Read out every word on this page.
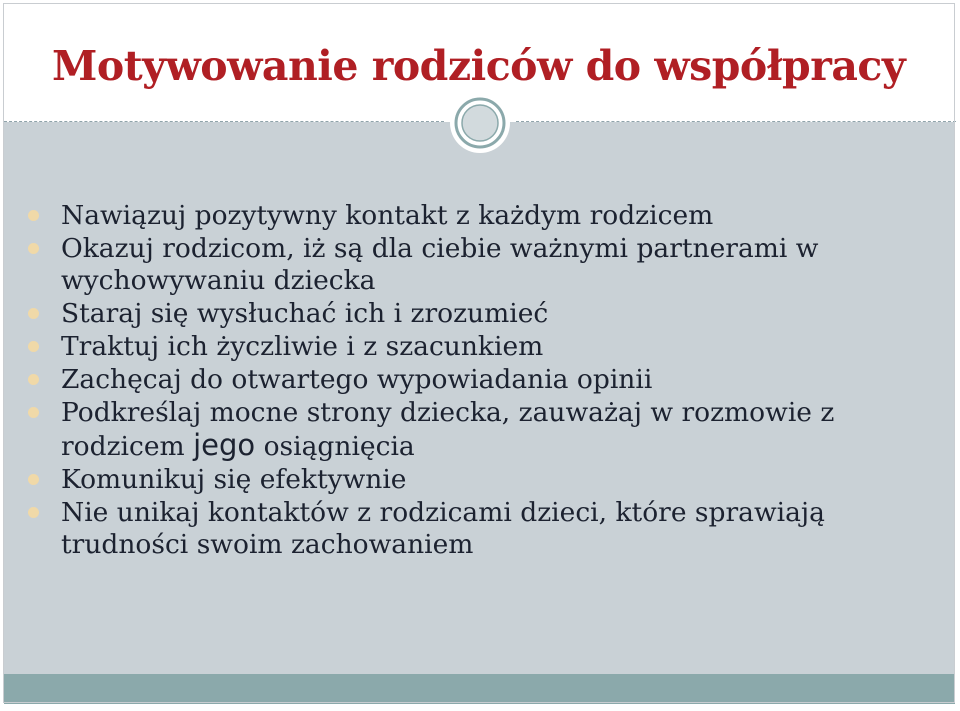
Motywowanie rodziców do współpracy
Nawiązuj pozytywny kontakt z każdym rodzicem
Okazuj rodzicom, iż są dla ciebie ważnymi partnerami w wychowywaniu dziecka
Staraj się wysłuchać ich i zrozumieć
Traktuj ich życzliwie i z szacunkiem
Zachęcaj do otwartego wypowiadania opinii
Podkreślaj mocne strony dziecka, zauważaj w rozmowie z rodzicem jego osiągnięcia
Komunikuj się efektywnie
Nie unikaj kontaktów z rodzicami dzieci, które sprawiają trudności swoim zachowaniem
